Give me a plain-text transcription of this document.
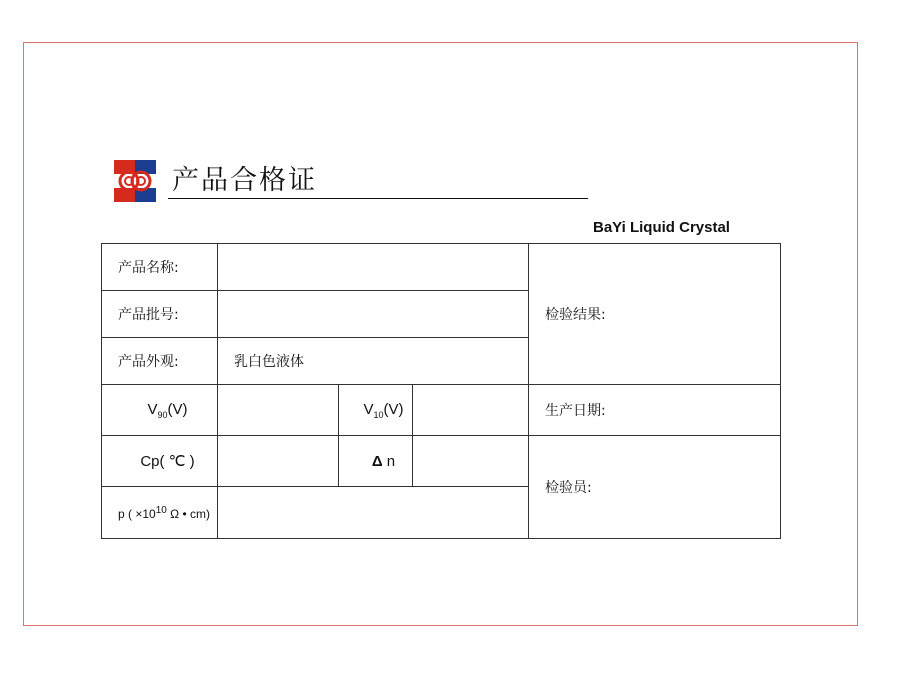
产品合格证
BaYi Liquid Crystal
产品名称:				检验结果:
产品批号:				
产品外观:	乳白色液体			
$V_{90}(V)$		$V_{10}(V)$		生产日期:
Cp( ℃ )		Δ n		检验员:
p ( $\times 10^{10}$ Ω • cm)				
